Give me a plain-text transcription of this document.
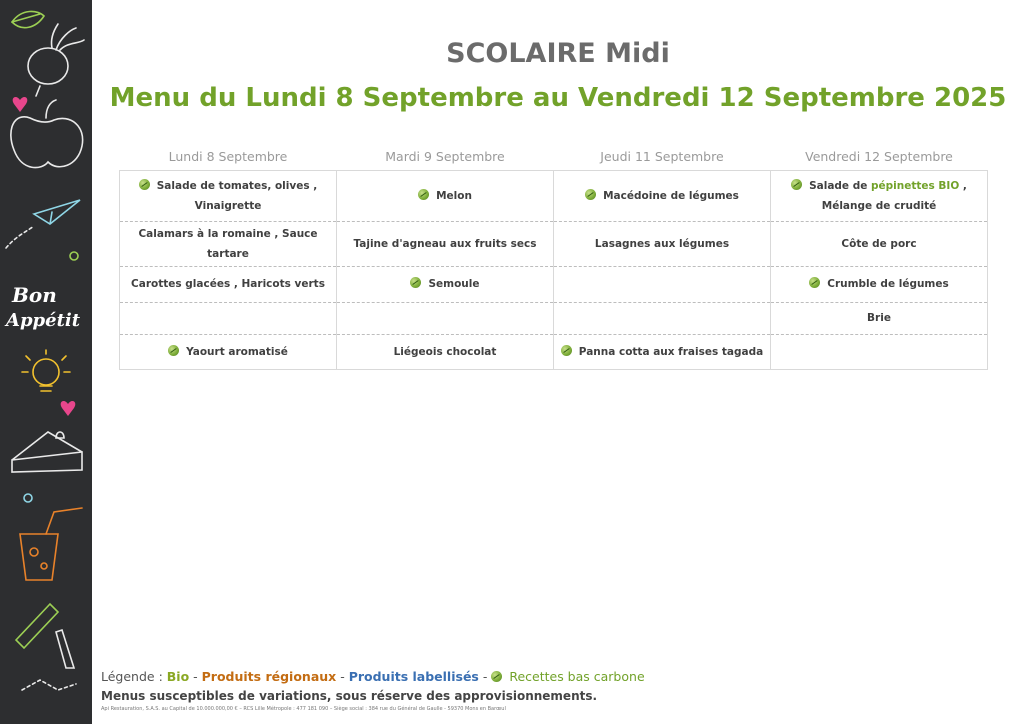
Bon
Appétit
SCOLAIRE Midi
Menu du Lundi 8 Septembre au Vendredi 12 Septembre 2025
Lundi 8 Septembre	Mardi 9 Septembre	Jeudi 11 Septembre	Vendredi 12 Septembre
Salade de tomates, olives , Vinaigrette	Melon	Macédoine de légumes	Salade de pépinettes BIO , Mélange de crudité
Calamars à la romaine , Sauce tartare	Tajine d'agneau aux fruits secs	Lasagnes aux légumes	Côte de porc
Carottes glacées , Haricots verts	Semoule		Crumble de légumes
			Brie
Yaourt aromatisé	Liégeois chocolat	Panna cotta aux fraises tagada	
Légende : Bio - Produits régionaux - Produits labellisés - Recettes bas carbone
Menus susceptibles de variations, sous réserve des approvisionnements.
Api Restauration, S.A.S. au Capital de 10.000.000,00 € – RCS Lille Métropole : 477 181 090 – Siège social : 384 rue du Général de Gaulle - 59370 Mons en Barœul
